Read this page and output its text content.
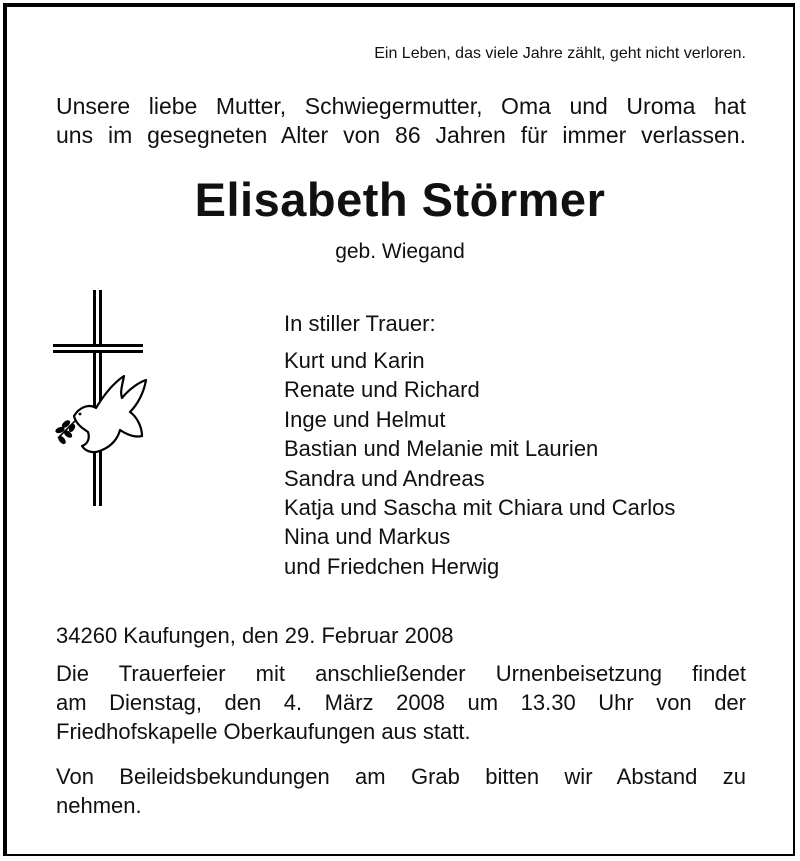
Ein Leben, das viele Jahre zählt, geht nicht verloren.
Unsere liebe Mutter, Schwiegermutter, Oma und Uroma hat
uns im gesegneten Alter von 86 Jahren für immer verlassen.
Elisabeth Störmer
geb. Wiegand
In stiller Trauer:
Kurt und Karin
Renate und Richard
Inge und Helmut
Bastian und Melanie mit Laurien
Sandra und Andreas
Katja und Sascha mit Chiara und Carlos
Nina und Markus
und Friedchen Herwig
34260 Kaufungen, den 29. Februar 2008
Die Trauerfeier mit anschließender Urnenbeisetzung findet
am Dienstag, den 4. März 2008 um 13.30 Uhr von der
Friedhofskapelle Oberkaufungen aus statt.
Von Beileidsbekundungen am Grab bitten wir Abstand zu
nehmen.
